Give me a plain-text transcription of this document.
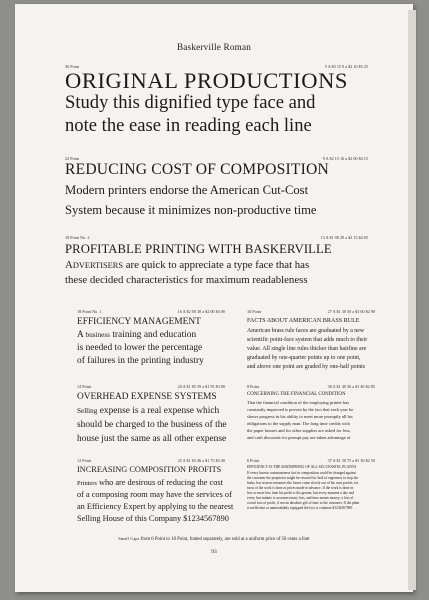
Baskerville Roman
36 Point	5 A $3 15 9 a $2 10 $5 25
ORIGINAL PRODUCTIONS
Study this dignified type face and
note the ease in reading each line
24 Point	9 A $2 15 16 a $2 00 $4 15
REDUCING COST OF COMPOSITION
Modern printers endorse the American Cut-Cost
System because it minimizes non-productive time
18 Point No. 2	13 A $1 90 29 a $2 15 $4 05
PROFITABLE PRINTING WITH BASKERVILLE
ADVERTISERS are quick to appreciate a type face that has
these decided characteristics for maximum readableness
18 Point No. 1	16 A $2 00 30 a $2 00 $4 00
EFFICIENCY MANAGEMENT
A business training and education
is needed to lower the percentage
of failures in the printing industry
14 Point	20 A $1 85 39 a $1 95 $3 80
OVERHEAD EXPENSE SYSTEMS
Selling expense is a real expense which
should be charged to the business of the
house just the same as all other expense
12 Point	25 A $1 65 46 a $1 75 $3 40
INCREASING COMPOSITION PROFITS
Printers who are desirous of reducing the cost
of a composing room may have the services of
an Efficiency Expert by applying to the nearest
Selling House of this Company $1234567890
10 Point	27 A $1 30 50 a $1 60 $2 90
FACTS ABOUT AMERICAN BRASS RULE
American brass rule faces are graduated by a new
scientific point-face system that adds much to their
value. All single line rules thicker than hairline are
graduated by one-quarter points up to one point,
and above one point are graded by one-half points
8 Point	30 A $1 40 56 a $1 40 $2 85
CONCERNING THE FINANCIAL CONDITION
That the financial condition of the employing printer has
constantly improved is proven by the fact that each year he
shows progress in his ability to meet more promptly all his
obligations to the supply man. The long time credits with
the paper houses and for other supplies are asked for less,
and cash discounts for prompt pay are taken advantage of
6 Point	37 A $1 30 75 a $1 30 $2 50
EFFICIENCY IS THE MAINSPRING OF ALL SUCCESSFUL PLANTS
If every known commonsense fact in composition could be changed against
the customer the proprietor might be rescued for lack of eagerness to stop the
leaks; but in most instances the losses come slowly out of his own pocket, for
most of the work is done at prices made in advance. If the work is done in
less or more less time his profit is the greater, but every moment a day and
every lost minute is an unnecessary loss, and time means money; a loss of
a total loss of profit, if not an absolute gift of time to the customer. If the plant
is inefficient or unmistakably equipped the loss is continue $1234567890
Small Caps from 6 Point to 18 Point, fonted separately, are sold at a uniform price of 50 cents a font
93
